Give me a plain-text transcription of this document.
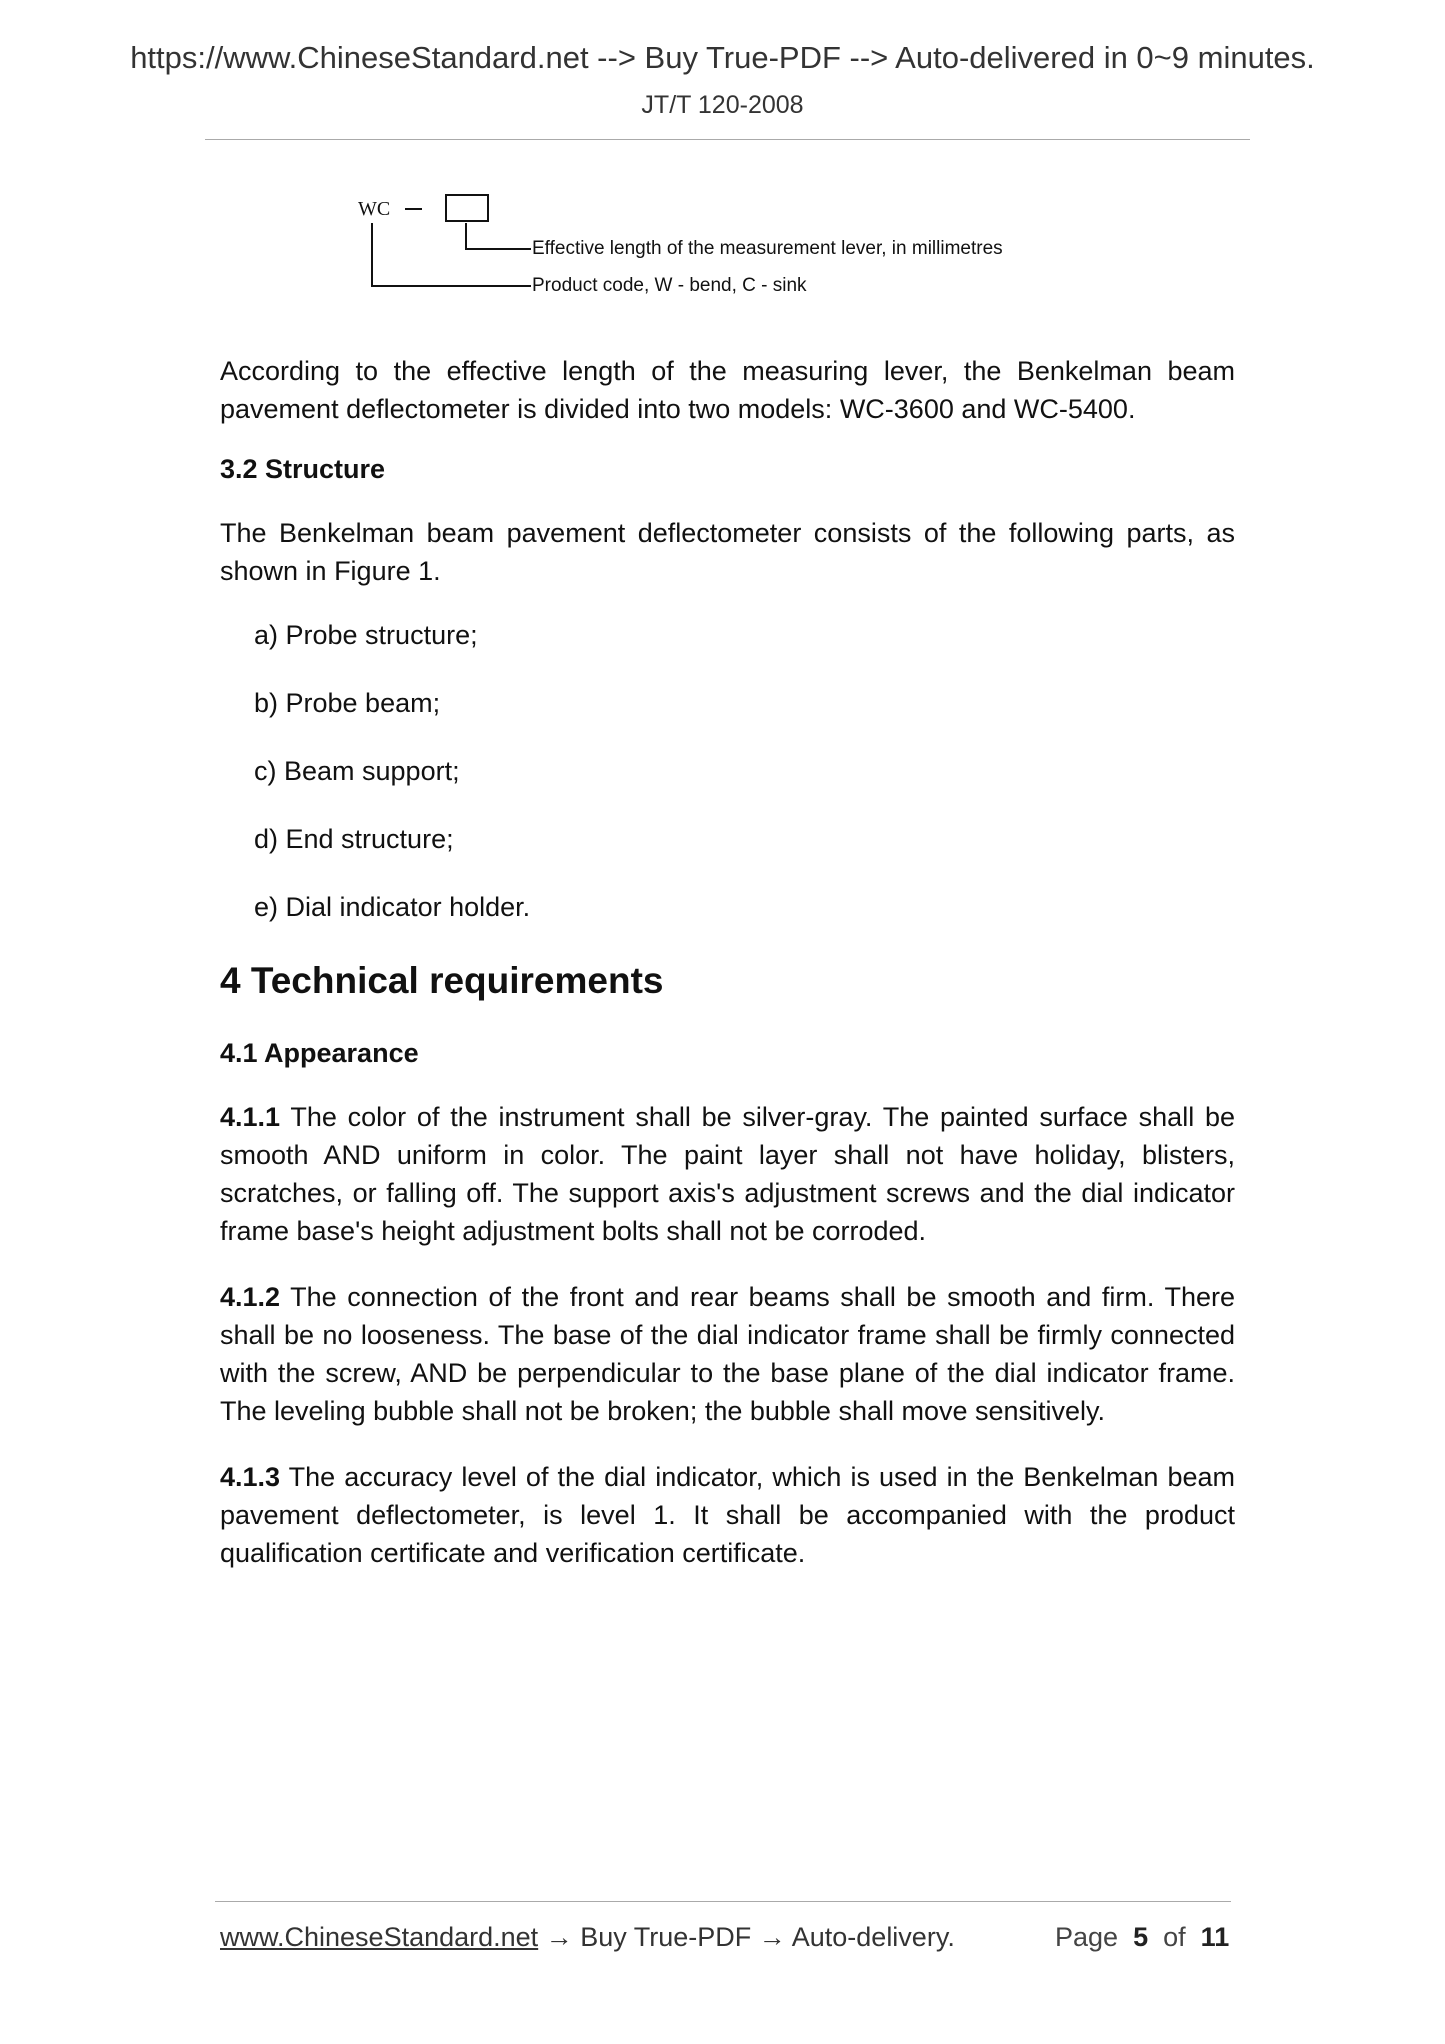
https://www.ChineseStandard.net --> Buy True-PDF --> Auto-delivered in 0~9 minutes.
JT/T 120-2008
WC
Effective length of the measurement lever, in millimetres
Product code, W - bend, C - sink

According to the effective length of the measuring lever, the Benkelman beam pavement deflectometer is divided into two models: WC-3600 and WC-5400.

3.2 Structure

The Benkelman beam pavement deflectometer consists of the following parts, as shown in Figure 1.

a) Probe structure;
b) Probe beam;
c) Beam support;
d) End structure;
e) Dial indicator holder.
4 Technical requirements
4.1 Appearance

4.1.1 The color of the instrument shall be silver-gray. The painted surface shall be smooth AND uniform in color. The paint layer shall not have holiday, blisters, scratches, or falling off. The support axis's adjustment screws and the dial indicator frame base's height adjustment bolts shall not be corroded.

4.1.2 The connection of the front and rear beams shall be smooth and firm. There shall be no looseness. The base of the dial indicator frame shall be firmly connected with the screw, AND be perpendicular to the base plane of the dial indicator frame. The leveling bubble shall not be broken; the bubble shall move sensitively.

4.1.3 The accuracy level of the dial indicator, which is used in the Benkelman beam pavement deflectometer, is level 1. It shall be accompanied with the product qualification certificate and verification certificate.

www.ChineseStandard.net → Buy True-PDF → Auto-delivery.	Page 5 of 11
